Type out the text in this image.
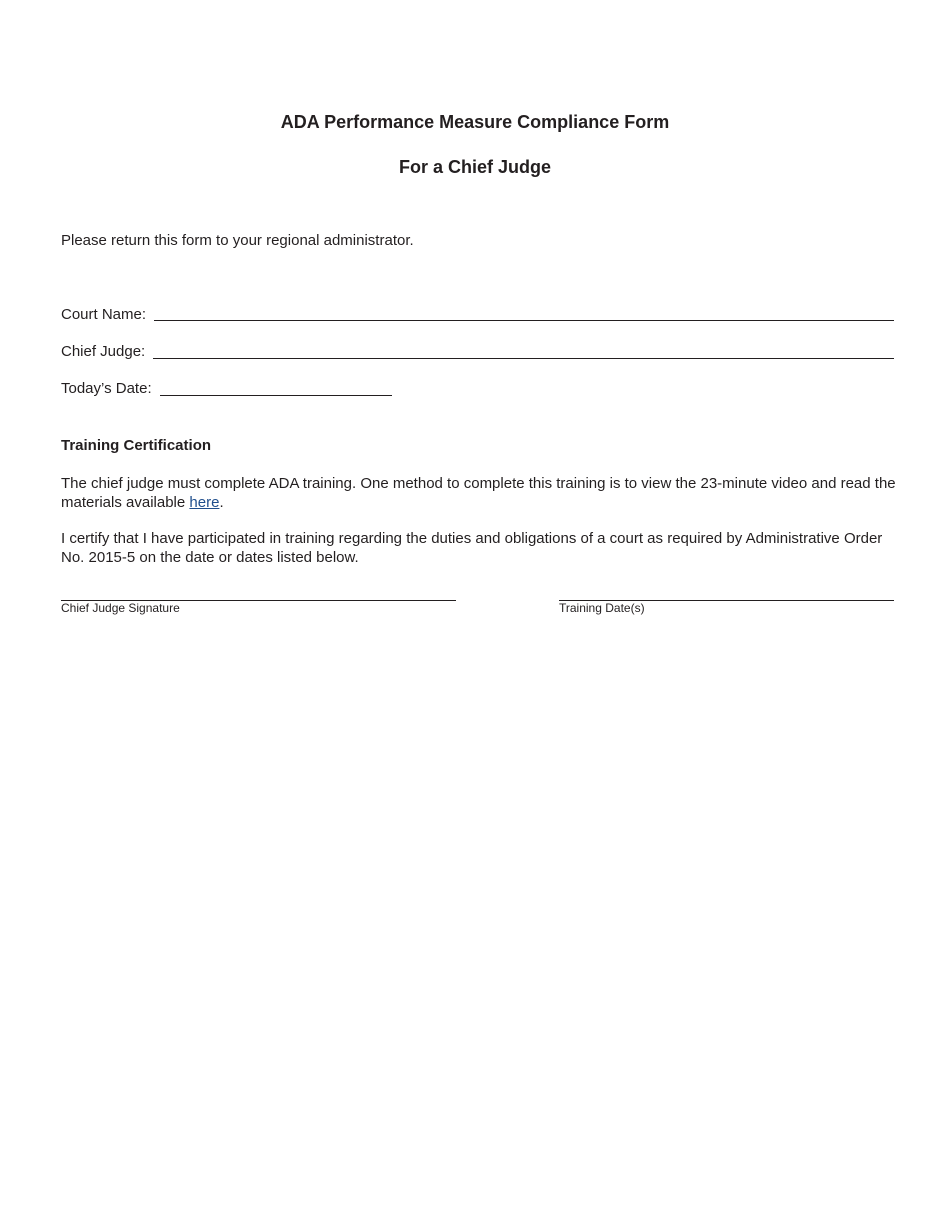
ADA Performance Measure Compliance Form
For a Chief Judge
Please return this form to your regional administrator.
Court Name:
Chief Judge:
Today’s Date:
Training Certification
The chief judge must complete ADA training. One method to complete this training is to view the 23-minute video and read the materials available here.
I certify that I have participated in training regarding the duties and obligations of a court as required by Administrative Order No. 2015-5 on the date or dates listed below.
Chief Judge Signature	Training Date(s)
